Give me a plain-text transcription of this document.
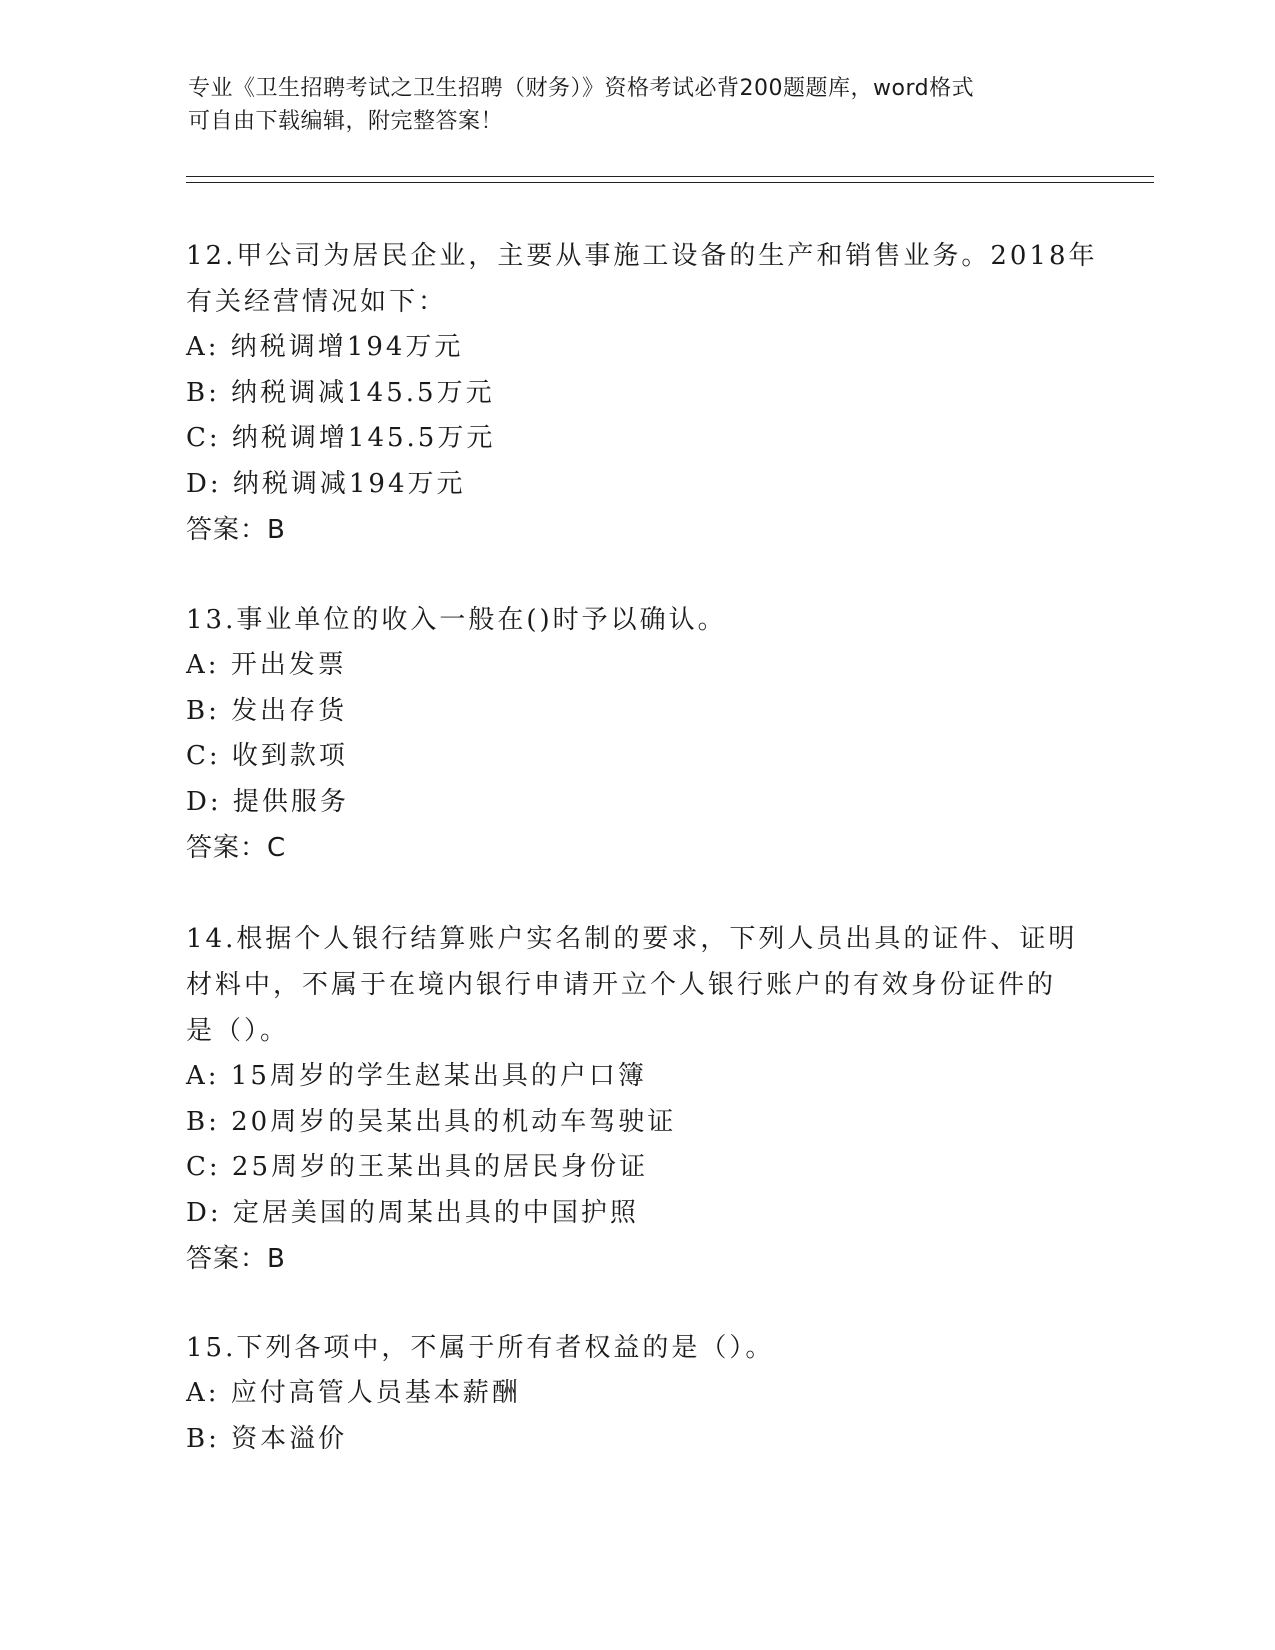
专业《卫生招聘考试之卫生招聘（财务）》资格考试必背200题题库，word格式
可自由下载编辑，附完整答案！
12.甲公司为居民企业，主要从事施工设备的生产和销售业务。2018年
有关经营情况如下：
A: 纳税调增194万元
B: 纳税调减145.5万元
C: 纳税调增145.5万元
D: 纳税调减194万元
答案：B
13.事业单位的收入一般在()时予以确认。
A: 开出发票
B: 发出存货
C: 收到款项
D: 提供服务
答案：C
14.根据个人银行结算账户实名制的要求，下列人员出具的证件、证明
材料中，不属于在境内银行申请开立个人银行账户的有效身份证件的
是（）。
A: 15周岁的学生赵某出具的户口簿
B: 20周岁的吴某出具的机动车驾驶证
C: 25周岁的王某出具的居民身份证
D: 定居美国的周某出具的中国护照
答案：B
15.下列各项中，不属于所有者权益的是（）。
A: 应付高管人员基本薪酬
B: 资本溢价
